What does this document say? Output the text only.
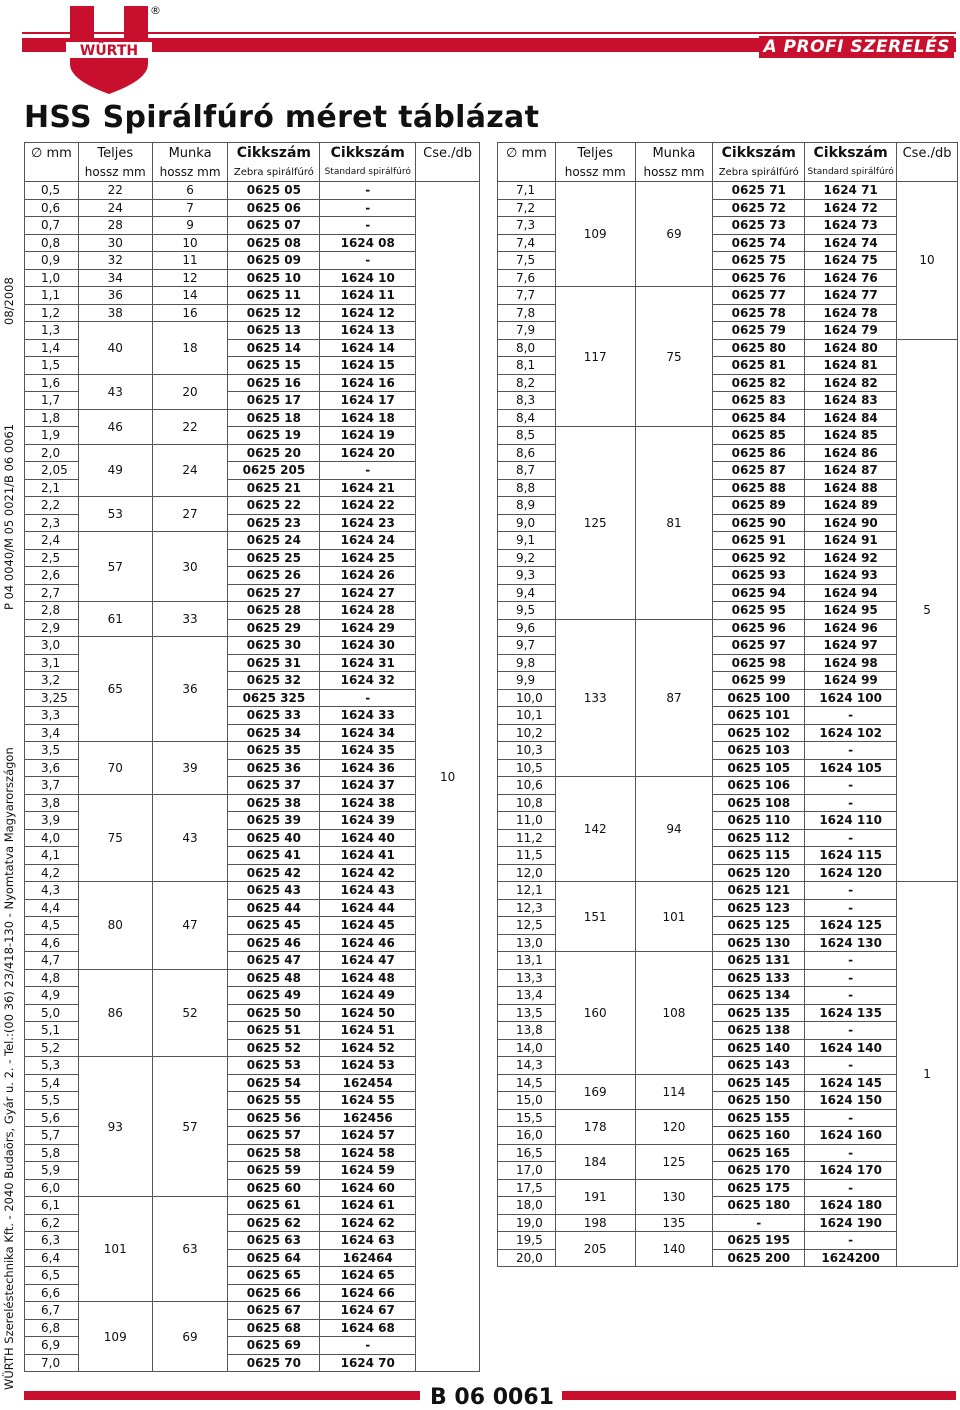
WÜRTH
®
A PROFI SZERELÉS
HSS Spirálfúró méret táblázat
WÜRTH Szereléstechnika Kft. - 2040 Budaörs, Gyár u. 2. - Tel.:(00 36) 23/418-130 - Nyomtatva Magyarországon
P 04 0040/M 05 0021/B 06 0061
08/2008
∅ mm	Teljes	Munka	Cikkszám	Cikkszám	Cse./db
	hossz mm	hossz mm	Zebra spirálfúró	Standard spirálfúró	
0,5	22	6	0625 05	-	10
0,6	24	7	0625 06	-	
0,7	28	9	0625 07	-	
0,8	30	10	0625 08	1624 08	
0,9	32	11	0625 09	-	
1,0	34	12	0625 10	1624 10	
1,1	36	14	0625 11	1624 11	
1,2	38	16	0625 12	1624 12	
1,3	40	18	0625 13	1624 13	
1,4			0625 14	1624 14	
1,5			0625 15	1624 15	
1,6	43	20	0625 16	1624 16	
1,7			0625 17	1624 17	
1,8	46	22	0625 18	1624 18	
1,9			0625 19	1624 19	
2,0	49	24	0625 20	1624 20	
2,05			0625 205	-	
2,1			0625 21	1624 21	
2,2	53	27	0625 22	1624 22	
2,3			0625 23	1624 23	
2,4	57	30	0625 24	1624 24	
2,5			0625 25	1624 25	
2,6			0625 26	1624 26	
2,7			0625 27	1624 27	
2,8	61	33	0625 28	1624 28	
2,9			0625 29	1624 29	
3,0	65	36	0625 30	1624 30	
3,1			0625 31	1624 31	
3,2			0625 32	1624 32	
3,25			0625 325	-	
3,3			0625 33	1624 33	
3,4			0625 34	1624 34	
3,5	70	39	0625 35	1624 35	
3,6			0625 36	1624 36	
3,7			0625 37	1624 37	
3,8	75	43	0625 38	1624 38	
3,9			0625 39	1624 39	
4,0			0625 40	1624 40	
4,1			0625 41	1624 41	
4,2			0625 42	1624 42	
4,3	80	47	0625 43	1624 43	
4,4			0625 44	1624 44	
4,5			0625 45	1624 45	
4,6			0625 46	1624 46	
4,7			0625 47	1624 47	
4,8	86	52	0625 48	1624 48	
4,9			0625 49	1624 49	
5,0			0625 50	1624 50	
5,1			0625 51	1624 51	
5,2			0625 52	1624 52	
5,3	93	57	0625 53	1624 53	
5,4			0625 54	162454	
5,5			0625 55	1624 55	
5,6			0625 56	162456	
5,7			0625 57	1624 57	
5,8			0625 58	1624 58	
5,9			0625 59	1624 59	
6,0			0625 60	1624 60	
6,1	101	63	0625 61	1624 61	
6,2			0625 62	1624 62	
6,3			0625 63	1624 63	
6,4			0625 64	162464	
6,5			0625 65	1624 65	
6,6			0625 66	1624 66	
6,7	109	69	0625 67	1624 67	
6,8			0625 68	1624 68	
6,9			0625 69	-	
7,0			0625 70	1624 70	
∅ mm	Teljes	Munka	Cikkszám	Cikkszám	Cse./db
	hossz mm	hossz mm	Zebra spirálfúró	Standard spirálfúró	
7,1	109	69	0625 71	1624 71	10
7,2			0625 72	1624 72	
7,3			0625 73	1624 73	
7,4			0625 74	1624 74	
7,5			0625 75	1624 75	
7,6			0625 76	1624 76	
7,7	117	75	0625 77	1624 77	
7,8			0625 78	1624 78	
7,9			0625 79	1624 79	
8,0			0625 80	1624 80	5
8,1			0625 81	1624 81	
8,2			0625 82	1624 82	
8,3			0625 83	1624 83	
8,4			0625 84	1624 84	
8,5	125	81	0625 85	1624 85	
8,6			0625 86	1624 86	
8,7			0625 87	1624 87	
8,8			0625 88	1624 88	
8,9			0625 89	1624 89	
9,0			0625 90	1624 90	
9,1			0625 91	1624 91	
9,2			0625 92	1624 92	
9,3			0625 93	1624 93	
9,4			0625 94	1624 94	
9,5			0625 95	1624 95	
9,6	133	87	0625 96	1624 96	
9,7			0625 97	1624 97	
9,8			0625 98	1624 98	
9,9			0625 99	1624 99	
10,0			0625 100	1624 100	
10,1			0625 101	-	
10,2			0625 102	1624 102	
10,3			0625 103	-	
10,5			0625 105	1624 105	
10,6	142	94	0625 106	-	
10,8			0625 108	-	
11,0			0625 110	1624 110	
11,2			0625 112	-	
11,5			0625 115	1624 115	
12,0			0625 120	1624 120	
12,1	151	101	0625 121	-	1
12,3			0625 123	-	
12,5			0625 125	1624 125	
13,0			0625 130	1624 130	
13,1	160	108	0625 131	-	
13,3			0625 133	-	
13,4			0625 134	-	
13,5			0625 135	1624 135	
13,8			0625 138	-	
14,0			0625 140	1624 140	
14,3			0625 143	-	
14,5	169	114	0625 145	1624 145	
15,0			0625 150	1624 150	
15,5	178	120	0625 155	-	
16,0			0625 160	1624 160	
16,5	184	125	0625 165	-	
17,0			0625 170	1624 170	
17,5	191	130	0625 175	-	
18,0			0625 180	1624 180	
19,0	198	135	-	1624 190	
19,5	205	140	0625 195	-	
20,0			0625 200	1624200	
B 06 0061
